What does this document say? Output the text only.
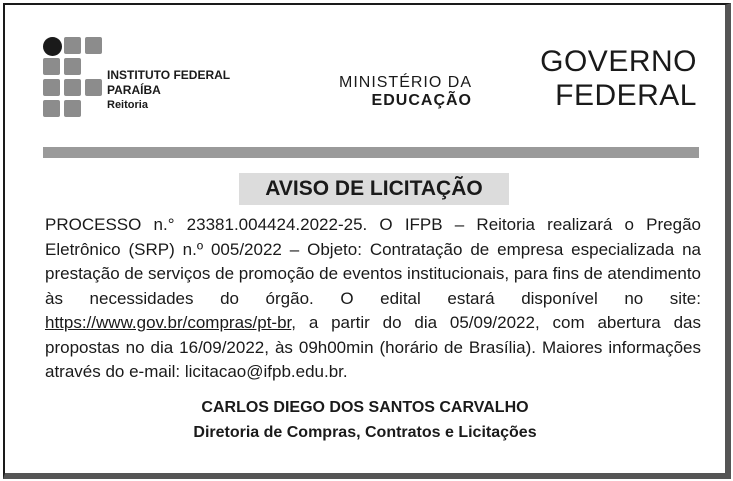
INSTITUTO FEDERAL
PARAÍBA
Reitoria
MINISTÉRIO DA
EDUCAÇÃO
GOVERNO
FEDERAL
AVISO DE LICITAÇÃO
PROCESSO n.° 23381.004424.2022-25. O IFPB – Reitoria realizará o Pregão Eletrônico (SRP) n.º 005/2022 – Objeto: Contratação de empresa especializada na prestação de serviços de promoção de eventos institucionais, para fins de atendimento às necessidades do órgão. O edital estará disponível no site: https://www.gov.br/compras/pt-br, a partir do dia 05/09/2022, com abertura das propostas no dia 16/09/2022, às 09h00min (horário de Brasília). Maiores informações através do e-mail: licitacao@ifpb.edu.br.
CARLOS DIEGO DOS SANTOS CARVALHO
Diretoria de Compras, Contratos e Licitações
